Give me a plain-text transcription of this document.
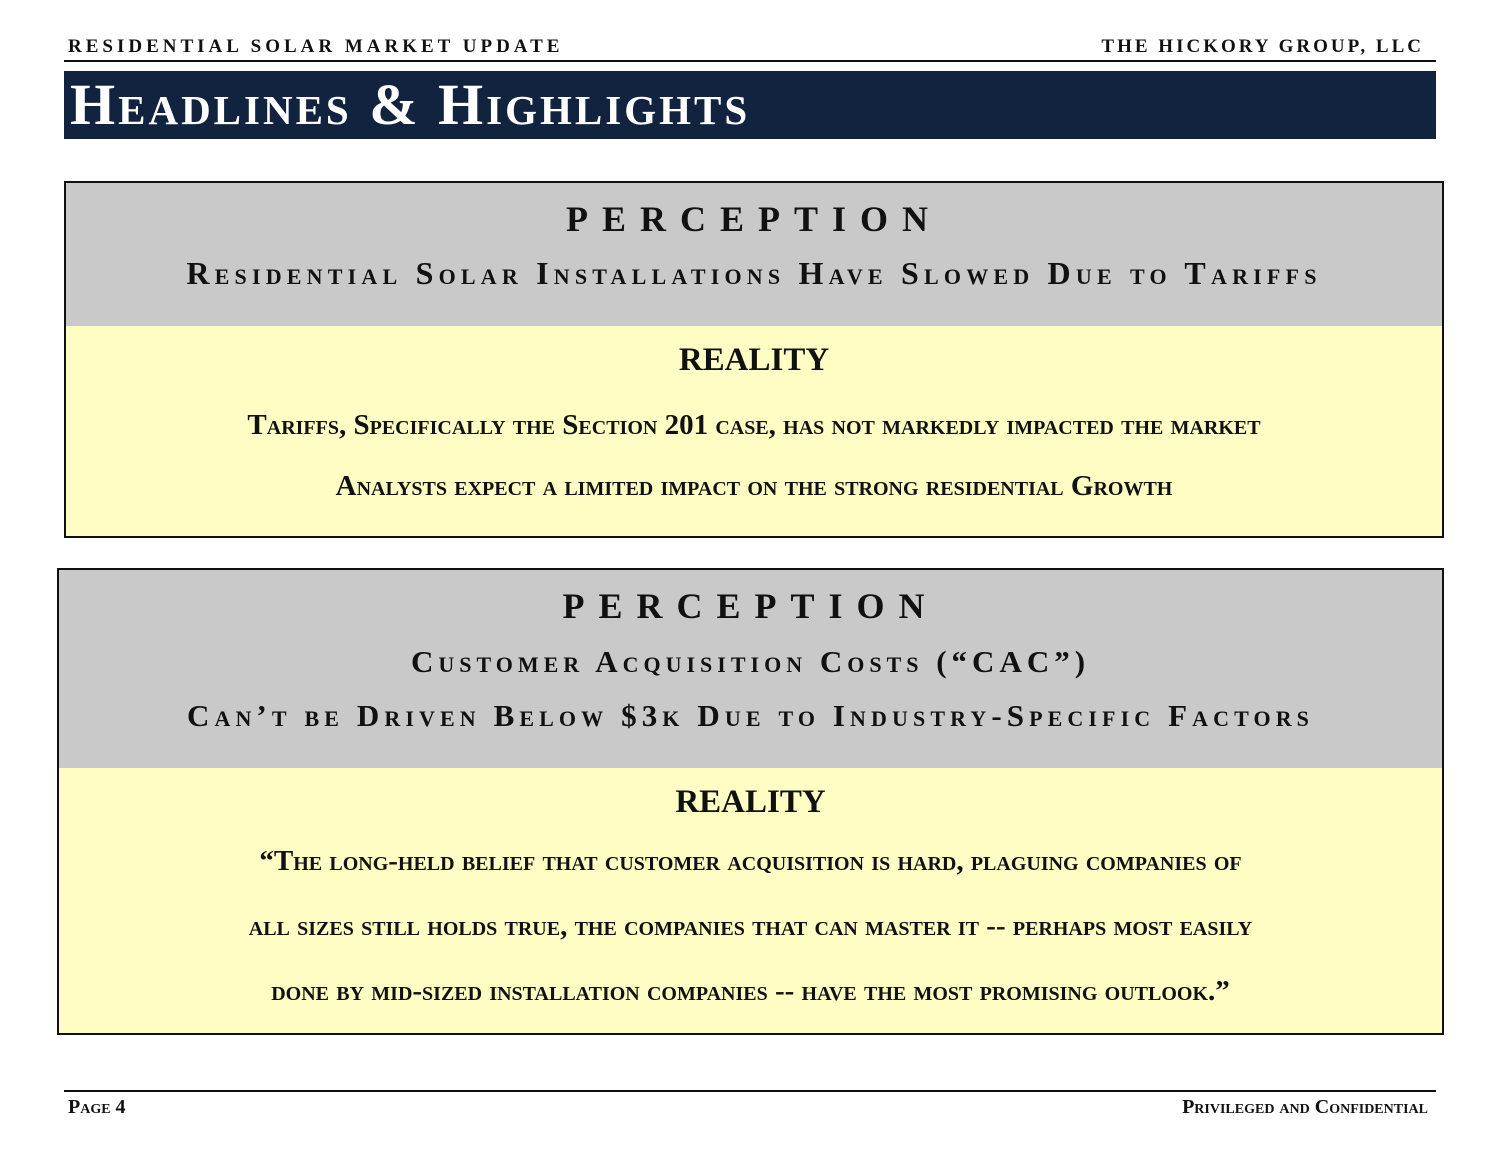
RESIDENTIAL SOLAR MARKET UPDATE	THE HICKORY GROUP, LLC
Headlines & Highlights
PERCEPTION
Residential Solar Installations Have Slowed Due to Tariffs
REALITY
Tariffs, Specifically the Section 201 case, has not markedly impacted the market
Analysts expect a limited impact on the strong residential Growth
PERCEPTION
Customer Acquisition Costs (“CAC”)
Can’t be Driven Below $3k Due to Industry-Specific Factors
REALITY
“The long-held belief that customer acquisition is hard, plaguing companies of
all sizes still holds true, the companies that can master it -- perhaps most easily
done by mid-sized installation companies -- have the most promising outlook.”
Page 4	Privileged and Confidential
